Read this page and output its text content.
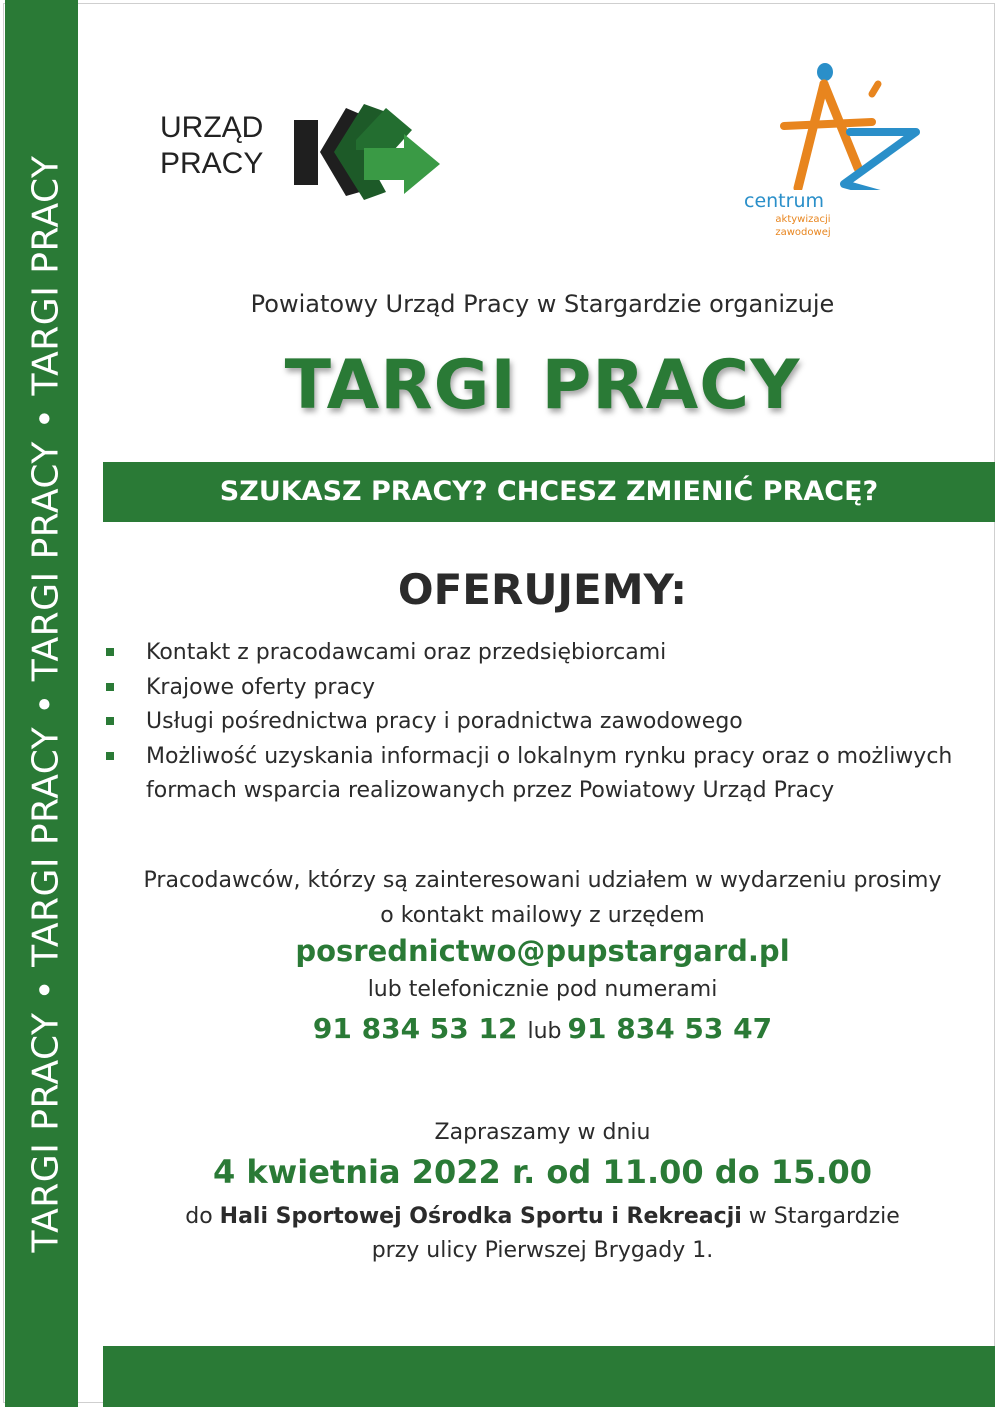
TARGI PRACY • TARGI PRACY • TARGI PRACY • TARGI PRACY
URZĄD
PRACY
centrum
aktywizacji
zawodowej
Powiatowy Urząd Pracy w Stargardzie organizuje
TARGI PRACY
SZUKASZ PRACY? CHCESZ ZMIENIĆ PRACĘ?
OFERUJEMY:
Kontakt z pracodawcami oraz przedsiębiorcami
Krajowe oferty pracy
Usługi pośrednictwa pracy i poradnictwa zawodowego
Możliwość uzyskania informacji o lokalnym rynku pracy oraz o możliwych formach wsparcia realizowanych przez Powiatowy Urząd Pracy
Pracodawców, którzy są zainteresowani udziałem w wydarzeniu prosimy
o kontakt mailowy z urzędem
posrednictwo@pupstargard.pl
lub telefonicznie pod numerami
91 834 53 12 lub 91 834 53 47
Zapraszamy w dniu
4 kwietnia 2022 r. od 11.00 do 15.00
do Hali Sportowej Ośrodka Sportu i Rekreacji w Stargardzie
przy ulicy Pierwszej Brygady 1.
